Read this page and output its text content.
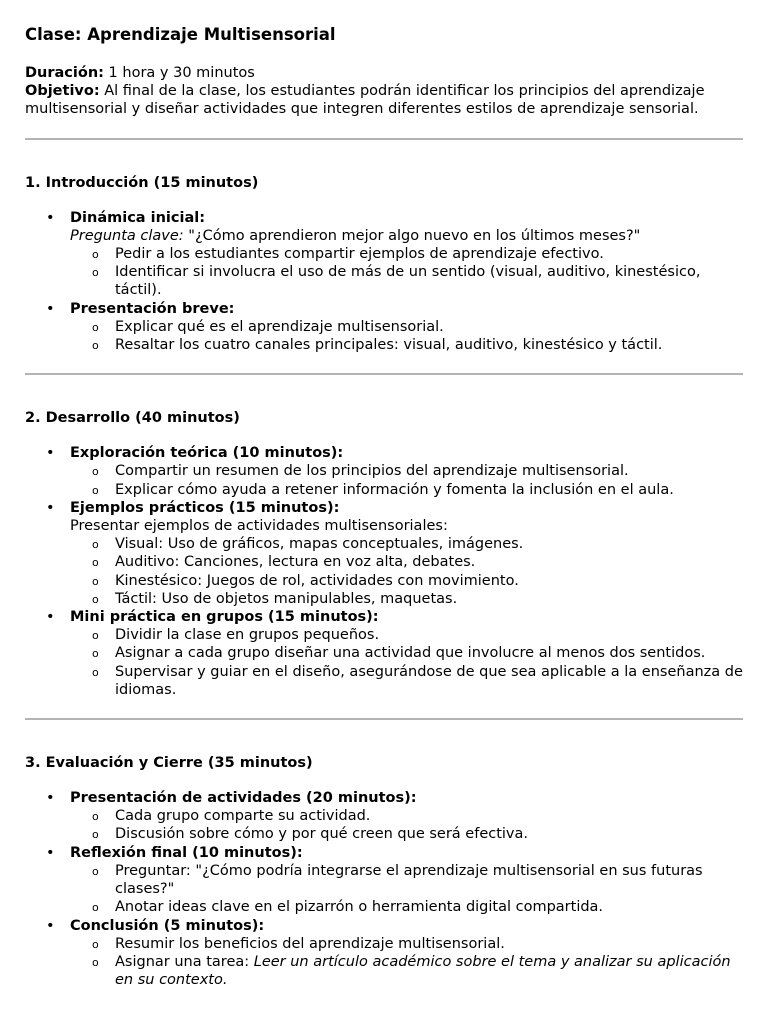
Clase: Aprendizaje Multisensorial

Duración: 1 hora y 30 minutos

Objetivo: Al final de la clase, los estudiantes podrán identificar los principios del aprendizaje multisensorial y diseñar actividades que integren diferentes estilos de aprendizaje sensorial.

1. Introducción (15 minutos)
• Dinámica inicial:
Pregunta clave: "¿Cómo aprendieron mejor algo nuevo en los últimos meses?"
o Pedir a los estudiantes compartir ejemplos de aprendizaje efectivo.
o Identificar si involucra el uso de más de un sentido (visual, auditivo, kinestésico, táctil).
• Presentación breve:
o Explicar qué es el aprendizaje multisensorial.
o Resaltar los cuatro canales principales: visual, auditivo, kinestésico y táctil.
2. Desarrollo (40 minutos)
• Exploración teórica (10 minutos):
o Compartir un resumen de los principios del aprendizaje multisensorial.
o Explicar cómo ayuda a retener información y fomenta la inclusión en el aula.
• Ejemplos prácticos (15 minutos):
Presentar ejemplos de actividades multisensoriales:
o Visual: Uso de gráficos, mapas conceptuales, imágenes.
o Auditivo: Canciones, lectura en voz alta, debates.
o Kinestésico: Juegos de rol, actividades con movimiento.
o Táctil: Uso de objetos manipulables, maquetas.
• Mini práctica en grupos (15 minutos):
o Dividir la clase en grupos pequeños.
o Asignar a cada grupo diseñar una actividad que involucre al menos dos sentidos.
o Supervisar y guiar en el diseño, asegurándose de que sea aplicable a la enseñanza de idiomas.
3. Evaluación y Cierre (35 minutos)
• Presentación de actividades (20 minutos):
o Cada grupo comparte su actividad.
o Discusión sobre cómo y por qué creen que será efectiva.
• Reflexión final (10 minutos):
o Preguntar: "¿Cómo podría integrarse el aprendizaje multisensorial en sus futuras clases?"
o Anotar ideas clave en el pizarrón o herramienta digital compartida.
• Conclusión (5 minutos):
o Resumir los beneficios del aprendizaje multisensorial.
o Asignar una tarea: Leer un artículo académico sobre el tema y analizar su aplicación en su contexto.
